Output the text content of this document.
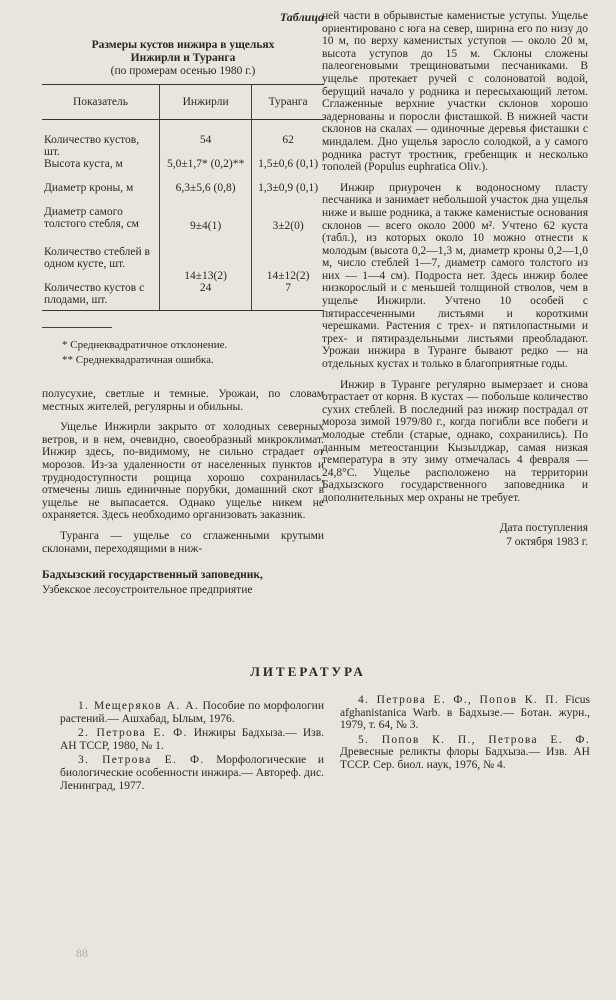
Таблица
Размеры кустов инжира в ущельях
Инжирли и Туранга
(по промерам осенью 1980 г.)
Показатель	Инжирли	Туранга
Количество кустов, шт.	54	62
Высота куста, м	5,0±1,7* (0,2)**	1,5±0,6 (0,1)
Диаметр кроны, м	6,3±5,6 (0,8)	1,3±0,9 (0,1)
Диаметр самого толстого стебля, см	9±4(1)	3±2(0)
Количество стеблей в одном кусте, шт.	14±13(2)	14±12(2)
Количество кустов с плодами, шт.	24	7
* Среднеквадратичное отклонение.
** Среднеквадратичная ошибка.

полусухие, светлые и темные. Урожаи, по словам местных жителей, регулярны и обильны.

Ущелье Инжирли закрыто от холодных северных ветров, и в нем, очевидно, своеобразный микроклимат. Инжир здесь, по-видимому, не сильно страдает от морозов. Из-за удаленности от населенных пунктов и труднодоступности рощица хорошо сохранилась, отмечены лишь единичные порубки, домашний скот в ущелье не выпасается. Однако ущелье никем не охраняется. Здесь необходимо организовать заказник.

Туранга — ущелье со сглаженными крутыми склонами, переходящими в ниж-

Бадхызский государственный заповедник,
Узбекское лесоустроительное предприятие

ней части в обрывистые каменистые уступы. Ущелье ориентировано с юга на север, ширина его по низу до 10 м, по верху каменистых уступов — около 20 м, высота уступов до 15 м. Склоны сложены палеогеновыми трещиноватыми песчаниками. В ущелье протекает ручей с солоноватой водой, берущий начало у родника и пересыхающий летом. Сглаженные верхние участки склонов хорошо задернованы и поросли фисташкой. В нижней части склонов на скалах — одиночные деревья фисташки с миндалем. Дно ущелья заросло солодкой, а у самого родника растут тростник, гребенщик и несколько тополей (Populus euphratica Oliv.).

Инжир приурочен к водоносному пласту песчаника и занимает небольшой участок дна ущелья ниже и выше родника, а также каменистые основания склонов — всего около 2000 м². Учтено 62 куста (табл.), из которых около 10 можно отнести к молодым (высота 0,2—1,3 м, диаметр кроны 0,2—1,0 м, число стеблей 1—7, диаметр самого толстого из них — 1—4 см). Подроста нет. Здесь инжир более низкорослый и с меньшей толщиной стволов, чем в ущелье Инжирли. Учтено 10 особей с пятирассеченными листьями и короткими черешками. Растения с трех- и пятилопастными и трех- и пятираздельными листьями преобладают. Урожаи инжира в Туранге бывают редко — на отдельных кустах и только в благоприятные годы.

Инжир в Туранге регулярно вымерзает и снова отрастает от корня. В кустах — побольше количество сухих стеблей. В последний раз инжир пострадал от мороза зимой 1979/80 г., когда погибли все побеги и молодые стебли (старые, однако, сохранились). По данным метеостанции Кызылджар, самая низкая температура в эту зиму отмечалась 4 февраля —24,8°С. Ущелье расположено на территории Бадхызского государственного заповедника и дополнительных мер охраны не требует.

Дата поступления
7 октября 1983 г.
ЛИТЕРАТУРА

1. Мещеряков А. А. Пособие по морфологии растений.— Ашхабад, Ылым, 1976.

2. Петрова Е. Ф. Инжиры Бадхыза.— Изв. АН ТССР, 1980, № 1.

3. Петрова Е. Ф. Морфологические и биологические особенности инжира.— Автореф. дис. Ленинград, 1977.

4. Петрова Е. Ф., Попов К. П. Ficus afghanistanica Warb. в Бадхызе.— Ботан. журн., 1979, т. 64, № 3.

5. Попов К. П., Петрова Е. Ф. Древесные реликты флоры Бадхыза.— Изв. АН ТССР. Сер. биол. наук, 1976, № 4.

88
